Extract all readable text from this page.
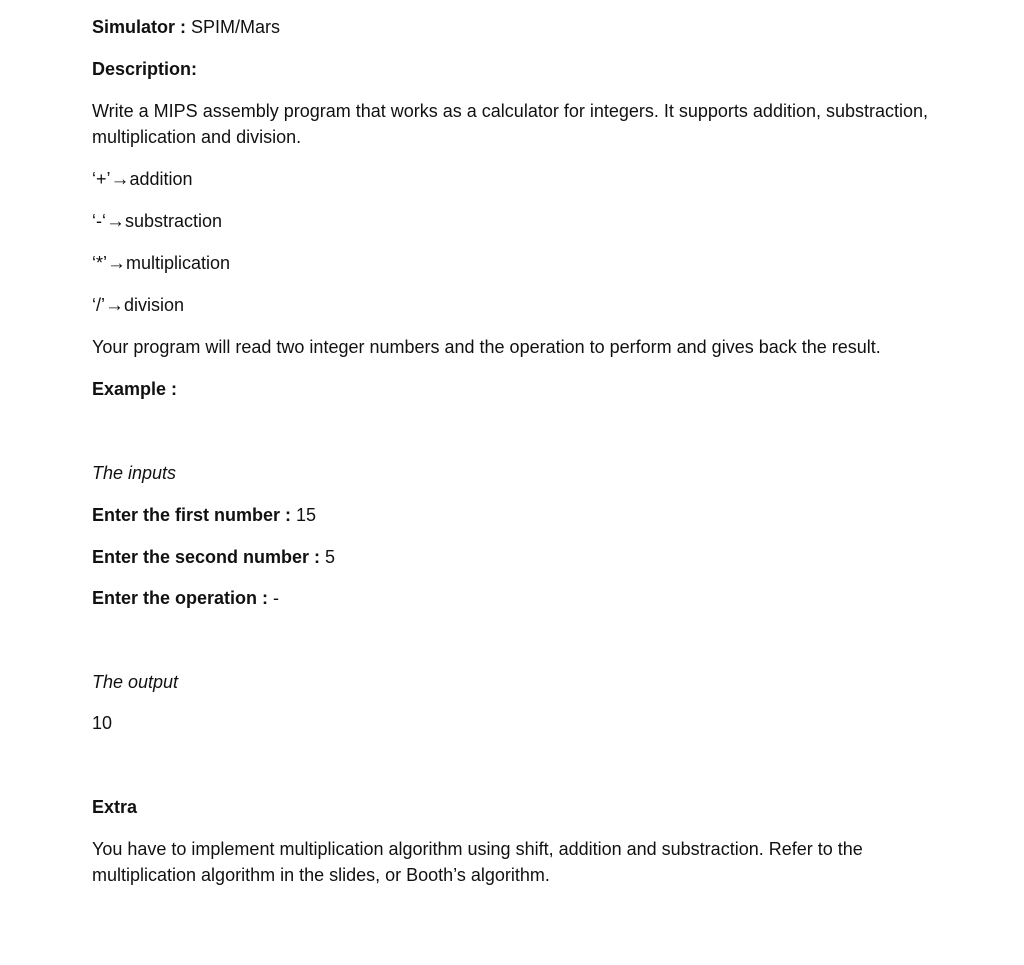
Simulator : SPIM/Mars

Description:

Write a MIPS assembly program that works as a calculator for integers. It supports addition, substraction, multiplication and division.

‘+’→addition

‘-‘→substraction

‘*’→multiplication

‘/’→division

Your program will read two integer numbers and the operation to perform and gives back the result.

Example :

The inputs

Enter the first number : 15

Enter the second number : 5

Enter the operation : -

The output

10

Extra

You have to implement multiplication algorithm using shift, addition and substraction. Refer to the multiplication algorithm in the slides, or Booth’s algorithm.
